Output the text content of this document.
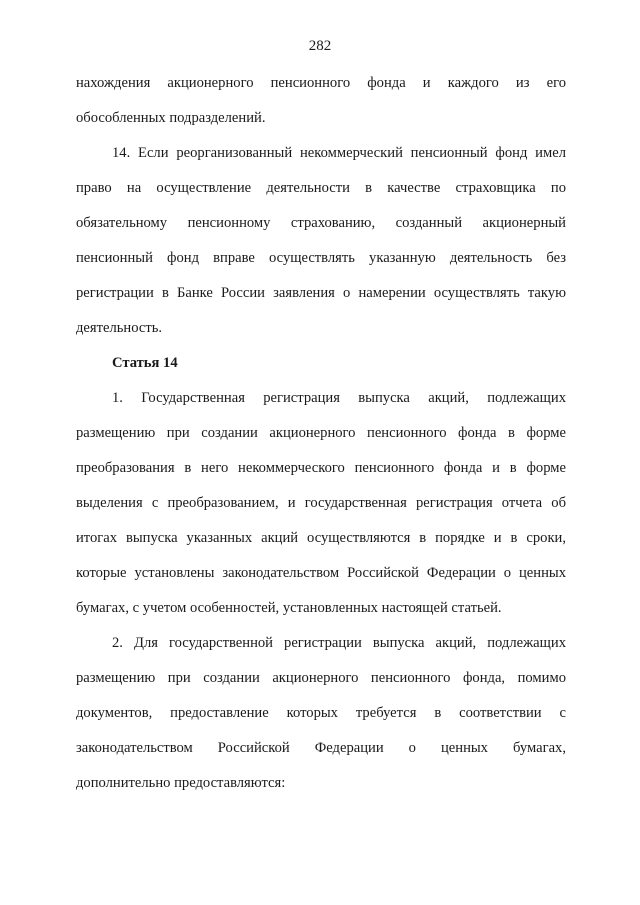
282
нахождения акционерного пенсионного фонда и каждого из его
обособленных подразделений.
14. Если реорганизованный некоммерческий пенсионный фонд имел
право на осуществление деятельности в качестве страховщика по
обязательному пенсионному страхованию, созданный акционерный
пенсионный фонд вправе осуществлять указанную деятельность без
регистрации в Банке России заявления о намерении осуществлять такую
деятельность.
Статья 14
1. Государственная регистрация выпуска акций, подлежащих
размещению при создании акционерного пенсионного фонда в форме
преобразования в него некоммерческого пенсионного фонда и в форме
выделения с преобразованием, и государственная регистрация отчета об
итогах выпуска указанных акций осуществляются в порядке и в сроки,
которые установлены законодательством Российской Федерации о ценных
бумагах, с учетом особенностей, установленных настоящей статьей.
2. Для государственной регистрации выпуска акций, подлежащих
размещению при создании акционерного пенсионного фонда, помимо
документов, предоставление которых требуется в соответствии с
законодательством Российской Федерации о ценных бумагах,
дополнительно предоставляются:
